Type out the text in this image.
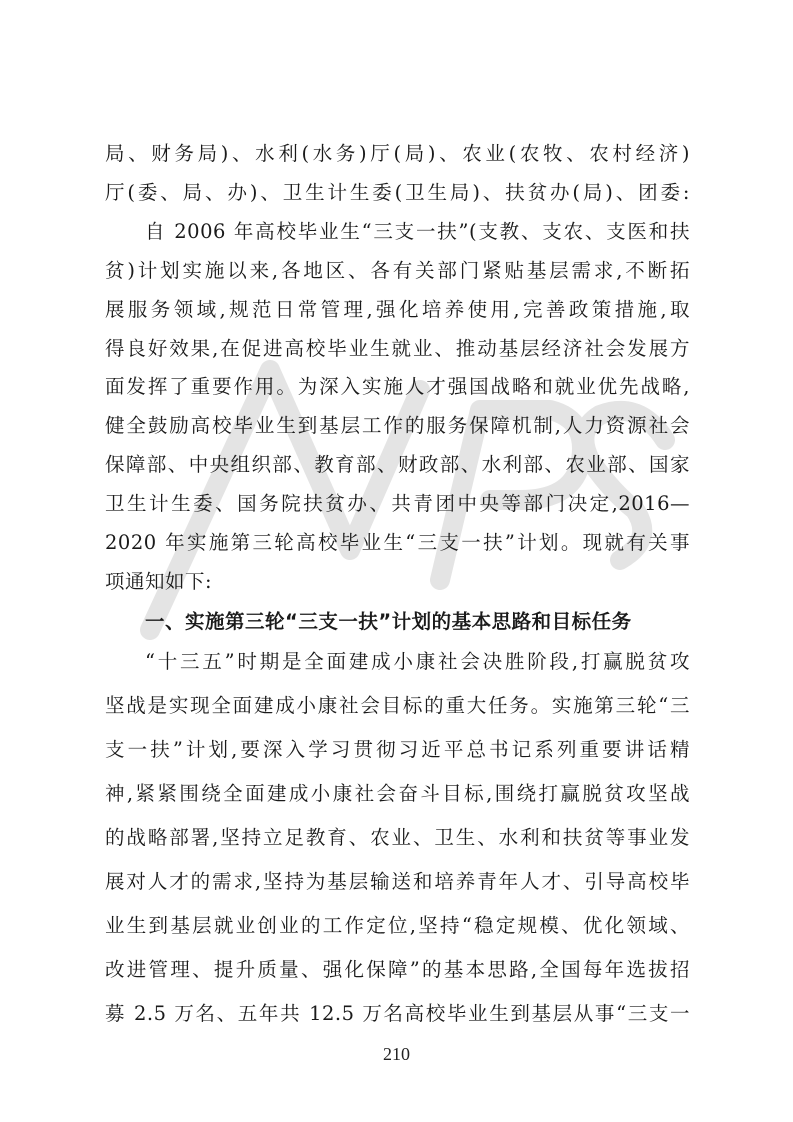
局、财务局)、水利(水务)厅(局)、农业(农牧、农村经济)
厅(委、局、办)、卫生计生委(卫生局)、扶贫办(局)、团委:
自 2006 年高校毕业生“三支一扶”(支教、支农、支医和扶
贫)计划实施以来,各地区、各有关部门紧贴基层需求,不断拓
展服务领域,规范日常管理,强化培养使用,完善政策措施,取
得良好效果,在促进高校毕业生就业、推动基层经济社会发展方
面发挥了重要作用。为深入实施人才强国战略和就业优先战略,
健全鼓励高校毕业生到基层工作的服务保障机制,人力资源社会
保障部、中央组织部、教育部、财政部、水利部、农业部、国家
卫生计生委、国务院扶贫办、共青团中央等部门决定,2016—
2020 年实施第三轮高校毕业生“三支一扶”计划。现就有关事
项通知如下:
一、实施第三轮“三支一扶”计划的基本思路和目标任务
“十三五”时期是全面建成小康社会决胜阶段,打赢脱贫攻
坚战是实现全面建成小康社会目标的重大任务。实施第三轮“三
支一扶”计划,要深入学习贯彻习近平总书记系列重要讲话精
神,紧紧围绕全面建成小康社会奋斗目标,围绕打赢脱贫攻坚战
的战略部署,坚持立足教育、农业、卫生、水利和扶贫等事业发
展对人才的需求,坚持为基层输送和培养青年人才、引导高校毕
业生到基层就业创业的工作定位,坚持“稳定规模、优化领域、
改进管理、提升质量、强化保障”的基本思路,全国每年选拔招
募 2.5 万名、五年共 12.5 万名高校毕业生到基层从事“三支一
210
